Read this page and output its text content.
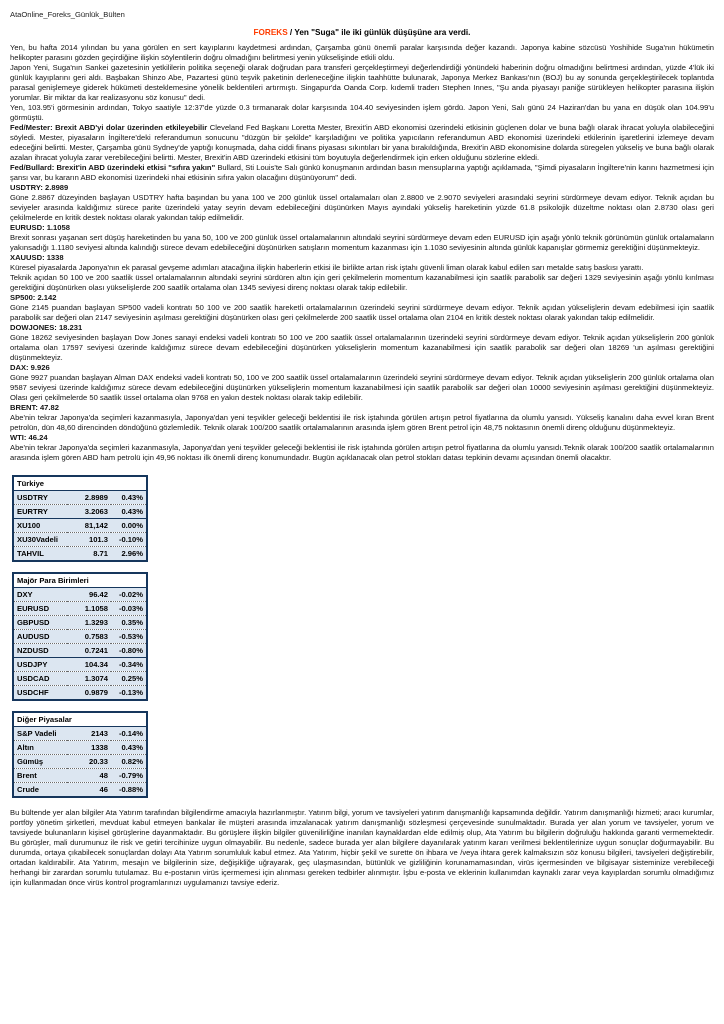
AtaOnline_Foreks_Günlük_Bülten
FOREKS / Yen "Suga" ile iki günlük düşüşüne ara verdi.

Yen, bu hafta 2014 yılından bu yana görülen en sert kayıplarını kaydetmesi ardından, Çarşamba günü önemli paralar karşısında değer kazandı. Japonya kabine sözcüsü Yoshihide Suga'nın hükümetin helikopter parasını gözden geçirdiğine ilişkin söylentilerin doğru olmadığını belirtmesi yenin yükselişinde etkili oldu.

Japon Yeni, Suga'nın Sankei gazetesinin yetkililerin politika seçeneği olarak doğrudan para transferi gerçekleştirmeyi değerlendirdiği yönündeki haberinin doğru olmadığını belirtmesi ardından, yüzde 4'lük iki günlük kayıplarını geri aldı. Başbakan Shinzo Abe, Pazartesi günü teşvik paketinin derleneceğine ilişkin taahhütte bulunarak, Japonya Merkez Bankası'nın (BOJ) bu ay sonunda gerçekleştirilecek toplantıda parasal genişlemeye giderek hükümeti desteklemesine yönelik beklentileri artırmıştı. Singapur'da Oanda Corp. kıdemli traderı Stephen Innes, "Şu anda piyasayı paniğe sürükleyen helikopter parasına ilişkin yorumlar. Bir miktar da kar realizasyonu söz konusu" dedi.

Yen, 103.95'i görmesinin ardından, Tokyo saatiyle 12:37'de yüzde 0.3 tırmanarak dolar karşısında 104.40 seviyesinden işlem gördü. Japon Yeni, Salı günü 24 Haziran'dan bu yana en düşük olan 104.99'u görmüştü.

Fed/Mester: Brexit ABD'yi dolar üzerinden etkileyebilir Cleveland Fed Başkanı Loretta Mester, Brexit'in ABD ekonomisi üzerindeki etkisinin güçlenen dolar ve buna bağlı olarak ihracat yoluyla olabileceğini söyledi. Mester, piyasaların İngiltere'deki referandumun sonucunu "düzgün bir şekilde" karşıladığını ve politika yapıcıların referandumun ABD ekonomisi üzerindeki etkilerinin işaretlerini izlemeye devam edeceğini belirtti. Mester, Çarşamba günü Sydney'de yaptığı konuşmada, daha ciddi finans piyasası sıkıntıları bir yana bırakıldığında, Brexit'in ABD ekonomisine dolarda süregelen yükseliş ve buna bağlı olarak azalan ihracat yoluyla zarar verebileceğini belirtti. Mester, Brexit'in ABD üzerindeki etkisini tüm boyutuyla değerlendirmek için erken olduğunu sözlerine ekledi.

Fed/Bullard: Brexit'in ABD üzerindeki etkisi "sıfıra yakın" Bullard, Sti Louis'te Salı günkü konuşmanın ardından basın mensuplarına yaptığı açıklamada, "Şimdi piyasaların İngiltere'nin karını hazmetmesi için şansı var, bu kararın ABD ekonomisi üzerindeki nhai etkisinin sıfıra yakın olacağını düşünüyorum" dedi.

USDTRY: 2.8989

Güne 2.8867 düzeyinden başlayan USDTRY hafta başından bu yana 100 ve 200 günlük üssel ortalamaları olan 2.8800 ve 2.9070 seviyeleri arasındaki seyrini sürdürmeye devam ediyor. Teknik açıdan bu seviyeler arasında kaldığımız sürece parite üzerindeki yatay seyrin devam edebileceğini düşünürken Mayıs ayındaki yükseliş hareketinin yüzde 61.8 psikolojik düzeltme noktası olan 2.8730 olası geri çekilmelerde en kritik destek noktası olarak yakından takip edilmelidir.

EURUSD: 1.1058

Brexit sonrası yaşanan sert düşüş hareketinden bu yana 50, 100 ve 200 günlük üssel ortalamalarının altındaki seyrini sürdürmeye devam eden EURUSD için aşağı yönlü teknik görünümün günlük ortalamaların yakınsadığı 1.1180 seviyesi altında kalındığı sürece devam edebileceğini düşünürken satışların momentum kazanması için 1.1030 seviyesinin altında günlük kapanışlar görmemiz gerektiğini düşünmekteyiz.

XAUUSD: 1338

Küresel piyasalarda Japonya'nın ek parasal gevşeme adımları atacağına ilişkin haberlerin etkisi ile birlikte artan risk iştahı güvenli liman olarak kabul edilen sarı metalde satış baskısı yarattı.

Teknik açıdan 50 100 ve 200 saatlik üssel ortalamalarının altındaki seyrini sürdüren altın için geri çekilmelerin momentum kazanabilmesi için saatlik parabolik sar değeri 1329 seviyesinin aşağı yönlü kırılması gerektiğini düşünürken olası yükselişlerde 200 saatlik ortalama olan 1345 seviyesi direnç noktası olarak takip edilebilir.

SP500: 2.142

Güne 2145 puandan başlayan SP500 vadeli kontratı 50 100 ve 200 saatlik hareketli ortalamalarının üzerindeki seyrini sürdürmeye devam ediyor. Teknik açıdan yükselişlerin devam edebilmesi için saatlik parabolik sar değeri olan 2147 seviyesinin aşılması gerektiğini düşünürken olası geri çekilmelerde 200 saatlik üssel ortalama olan 2104 en kritik destek noktası olarak yakından takip edilmelidir.

DOWJONES: 18.231

Güne 18262 seviyesinden başlayan Dow Jones sanayi endeksi vadeli kontratı 50 100 ve 200 saatlik üssel ortalamalarının üzerindeki seyrini sürdürmeye devam ediyor. Teknik açıdan yükselişlerin 200 günlük ortalama olan 17597 seviyesi üzerinde kaldığımız sürece devam edebileceğini düşünürken yükselişlerin momentum kazanabilmesi için saatlik parabolik sar değeri olan 18269 'un aşılması gerektiğini düşünmekteyiz.

DAX: 9.926

Güne 9927 puandan başlayan Alman DAX endeksi vadeli kontratı 50, 100 ve 200 saatlik üssel ortalamalarının üzerindeki seyrini sürdürmeye devam ediyor. Teknik açıdan yükselişlerin 200 günlük ortalama olan 9587 seviyesi üzerinde kaldığımız sürece devam edebileceğini düşünürken yükselişlerin momentum kazanabilmesi için saatlik parabolik sar değeri olan 10000 seviyesinin aşılması gerektiğini düşünmekteyiz. Olası geri çekilmelerde 50 saatlik üssel ortalama olan 9768 en yakın destek noktası olarak takip edilebilir.

BRENT: 47.82

Abe'nin tekrar Japonya'da seçimleri kazanmasıyla, Japonya'dan yeni teşvikler geleceği beklentisi ile risk iştahında görülen artışın petrol fiyatlarına da olumlu yansıdı. Yükseliş kanalını daha evvel kıran Brent petrolün, dün 48,60 direncinden döndüğünü gözlemledik. Teknik olarak 100/200 saatlik ortalamalarının arasında işlem gören Brent petrol için 48,75 noktasının önemli direnç olduğunu düşünmekteyiz.

WTI: 46.24

Abe'nin tekrar Japonya'da seçimleri kazanmasıyla, Japonya'dan yeni teşvikler geleceği beklentisi ile risk iştahında görülen artışın petrol fiyatlarına da olumlu yansıdı.Teknik olarak 100/200 saatlik ortalamalarının arasında işlem gören ABD ham petrolü için 49,96 noktası ilk önemli direnç konumundadır. Bugün açıklanacak olan petrol stokları datası tepkinin devamı açısından önemli olacaktır.

Türkiye		
USDTRY	2.8989	0.43%
EURTRY	3.2063	0.43%
XU100	81,142	0.00%
XU30Vadeli	101.3	-0.10%
TAHVIL	8.71	2.96%
Majör Para Birimleri		
DXY	96.42	-0.02%
EURUSD	1.1058	-0.03%
GBPUSD	1.3293	0.35%
AUDUSD	0.7583	-0.53%
NZDUSD	0.7241	-0.80%
USDJPY	104.34	-0.34%
USDCAD	1.3074	0.25%
USDCHF	0.9879	-0.13%
Diğer Piyasalar		
S&P Vadeli	2143	-0.14%
Altın	1338	0.43%
Gümüş	20.33	0.82%
Brent	48	-0.79%
Crude	46	-0.88%

Bu bültende yer alan bilgiler Ata Yatırım tarafından bilgilendirme amacıyla hazırlanmıştır. Yatırım bilgi, yorum ve tavsiyeleri yatırım danışmanlığı kapsamında değildir. Yatırım danışmanlığı hizmeti; aracı kurumlar, portföy yönetim şirketleri, mevduat kabul etmeyen bankalar ile müşteri arasında imzalanacak yatırım danışmanlığı sözleşmesi çerçevesinde sunulmaktadır. Burada yer alan yorum ve tavsiyeler, yorum ve tavsiyede bulunanların kişisel görüşlerine dayanmaktadır. Bu görüşlere ilişkin bilgiler güvenilirliğine inanılan kaynaklardan elde edilmiş olup, Ata Yatırım bu bilgilerin doğruluğu hakkında garanti vermemektedir. Bu görüşler, mali durumunuz ile risk ve getiri tercihinize uygun olmayabilir. Bu nedenle, sadece burada yer alan bilgilere dayanılarak yatırım kararı verilmesi beklentilerinize uygun sonuçlar doğurmayabilir. Bu durumda, ortaya çıkabilecek sonuçlardan dolayı Ata Yatırım sorumluluk kabul etmez. Ata Yatırım, hiçbir şekil ve surette ön ihbara ve /veya ihtara gerek kalmaksızın söz konusu bilgileri, tavsiyeleri değiştirebilir, ortadan kaldırabilir. Ata Yatırım, mesajın ve bilgilerinin size, değişikliğe uğrayarak, geç ulaşmasından, bütünlük ve gizliliğinin korunamamasından, virüs içermesinden ve bilgisayar sisteminize verebileceği herhangi bir zarardan sorumlu tutulamaz. Bu e-postanın virüs içermemesi için alınması gereken tedbirler alınmıştır. İşbu e-posta ve eklerinin kullanımdan kaynaklı zarar veya kayıplardan sorumlu olmadığımız için kullanmadan önce virüs kontrol programlarınızı uygulamanızı tavsiye ederiz.
